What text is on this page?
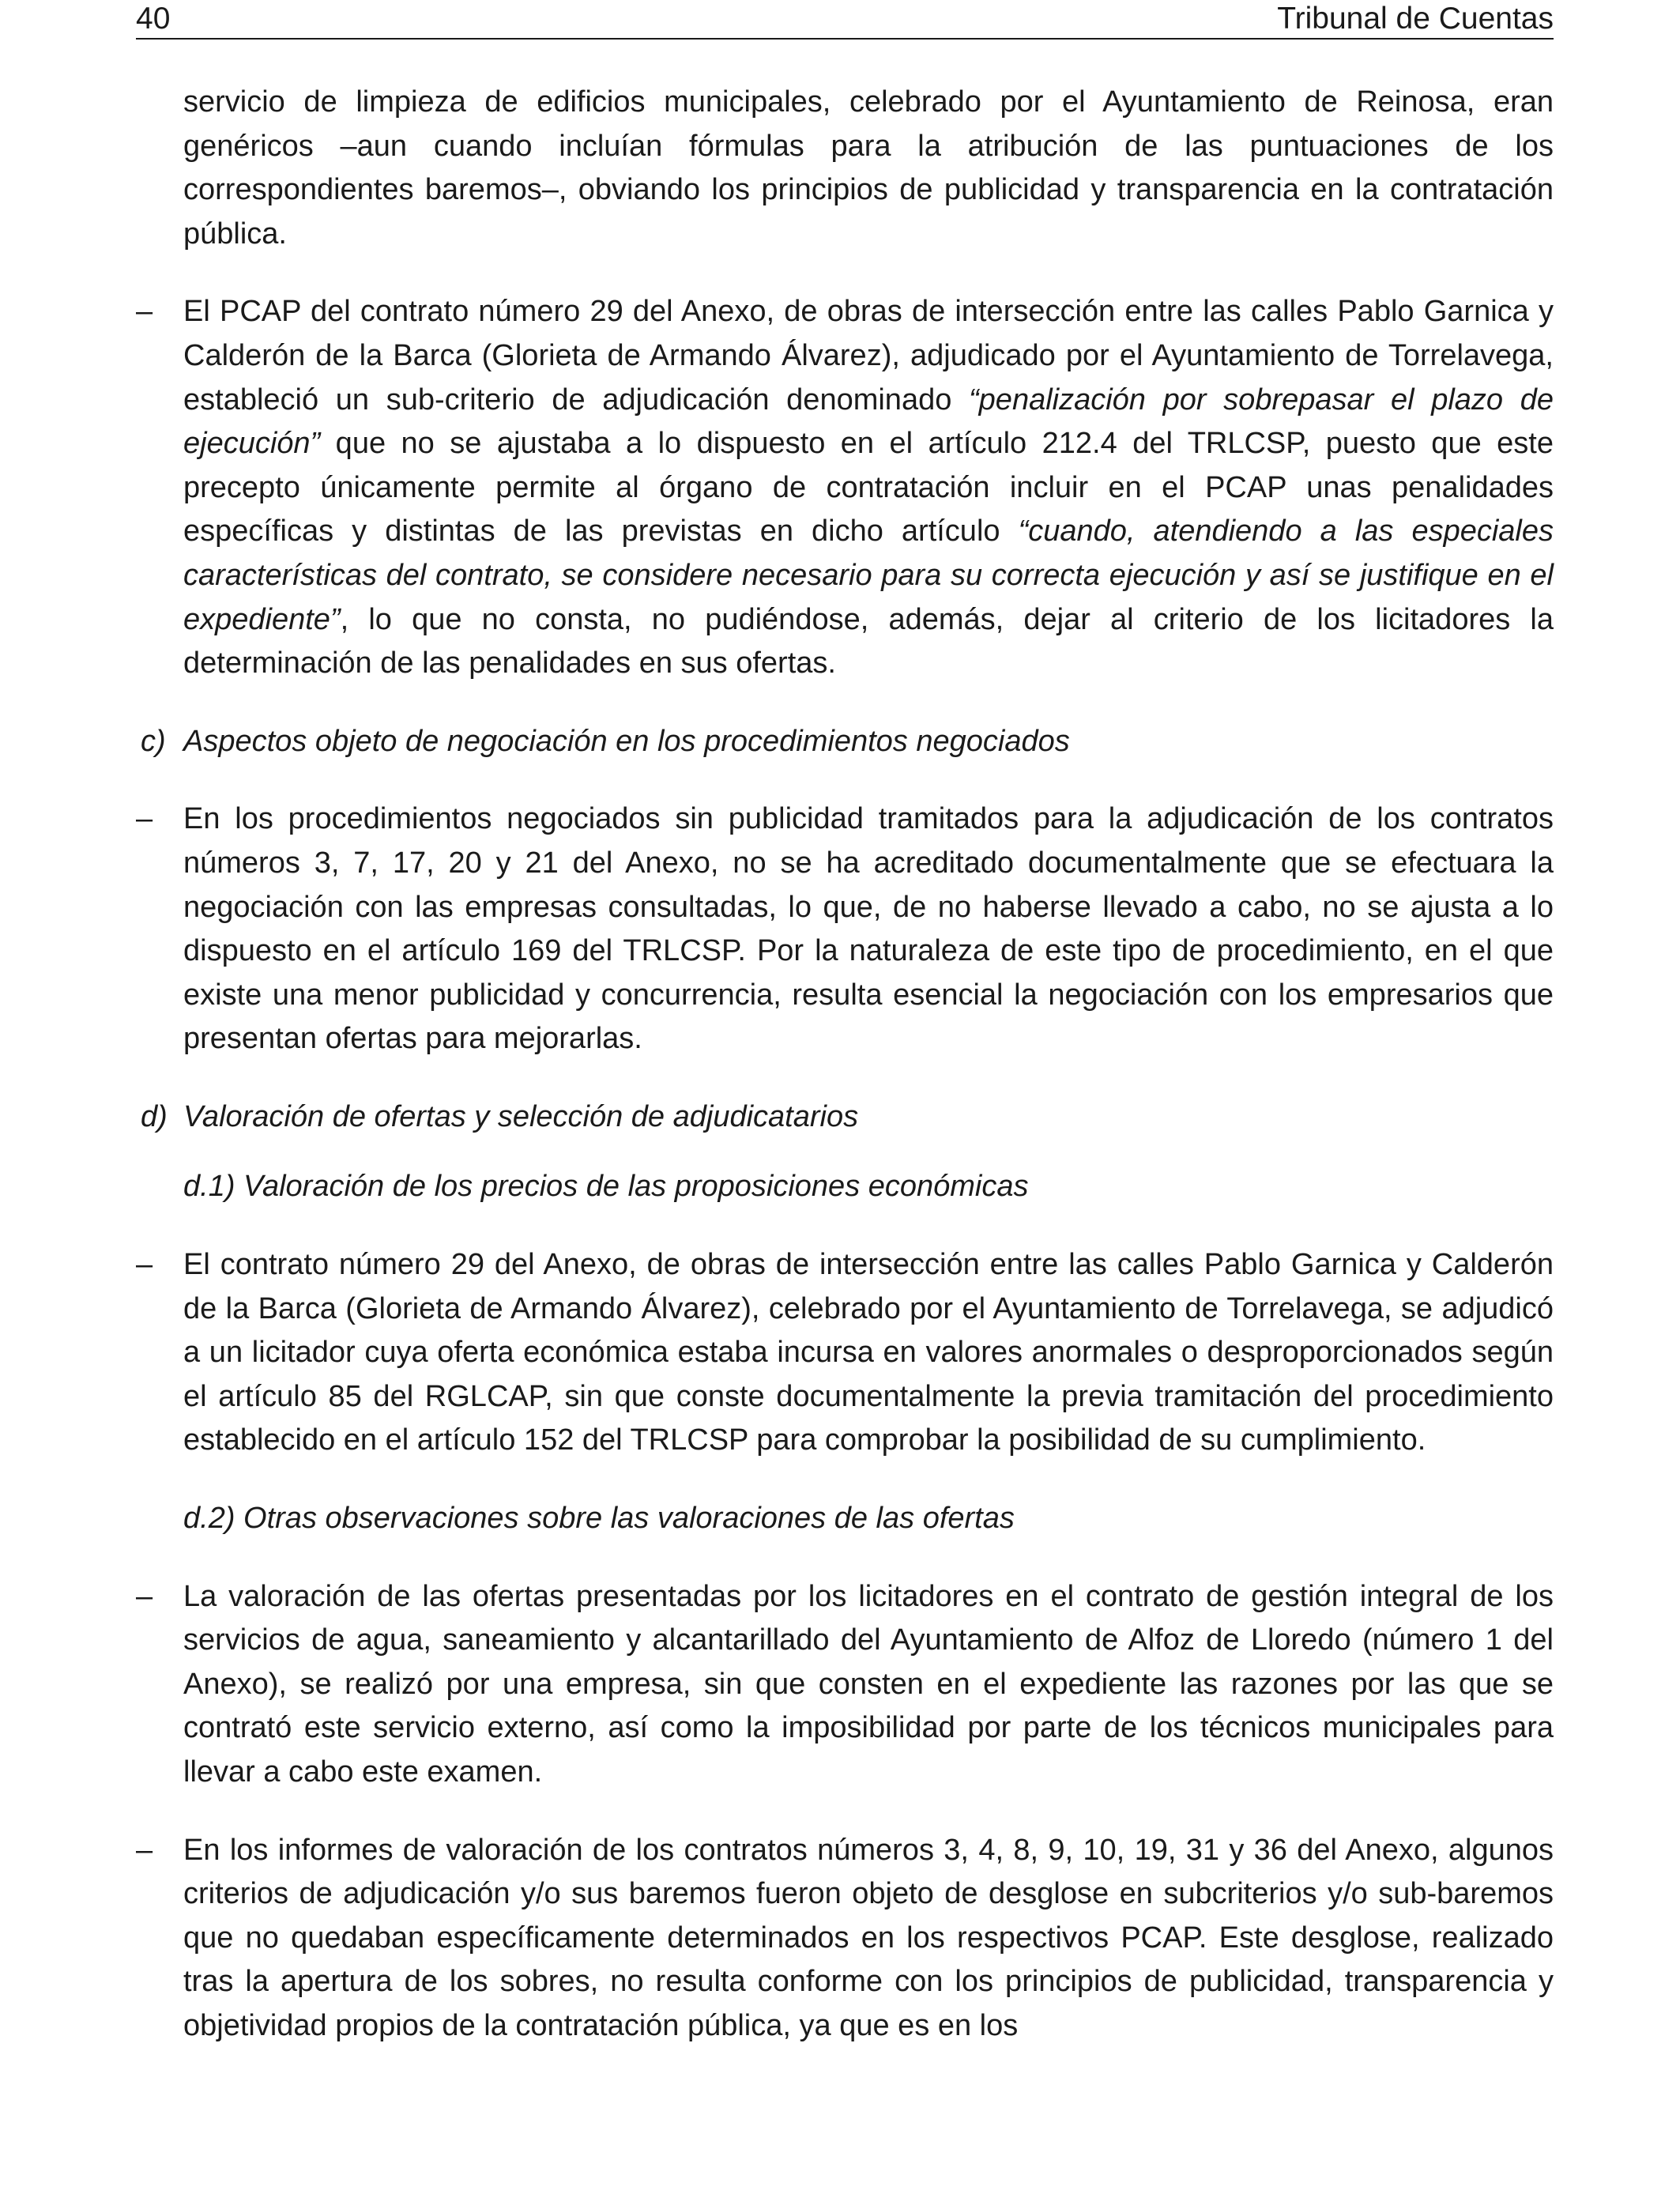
40	Tribunal de Cuentas

servicio de limpieza de edificios municipales, celebrado por el Ayuntamiento de Reinosa, eran genéricos –aun cuando incluían fórmulas para la atribución de las puntuaciones de los correspondientes baremos–, obviando los principios de publicidad y transparencia en la contratación pública.

– El PCAP del contrato número 29 del Anexo, de obras de intersección entre las calles Pablo Garnica y Calderón de la Barca (Glorieta de Armando Álvarez), adjudicado por el Ayuntamiento de Torrelavega, estableció un sub-criterio de adjudicación denominado “penalización por sobrepasar el plazo de ejecución” que no se ajustaba a lo dispuesto en el artículo 212.4 del TRLCSP, puesto que este precepto únicamente permite al órgano de contratación incluir en el PCAP unas penalidades específicas y distintas de las previstas en dicho artículo “cuando, atendiendo a las especiales características del contrato, se considere necesario para su correcta ejecución y así se justifique en el expediente”, lo que no consta, no pudiéndose, además, dejar al criterio de los licitadores la determinación de las penalidades en sus ofertas.

c) Aspectos objeto de negociación en los procedimientos negociados

– En los procedimientos negociados sin publicidad tramitados para la adjudicación de los contratos números 3, 7, 17, 20 y 21 del Anexo, no se ha acreditado documentalmente que se efectuara la negociación con las empresas consultadas, lo que, de no haberse llevado a cabo, no se ajusta a lo dispuesto en el artículo 169 del TRLCSP. Por la naturaleza de este tipo de procedimiento, en el que existe una menor publicidad y concurrencia, resulta esencial la negociación con los empresarios que presentan ofertas para mejorarlas.

d) Valoración de ofertas y selección de adjudicatarios

d.1) Valoración de los precios de las proposiciones económicas

– El contrato número 29 del Anexo, de obras de intersección entre las calles Pablo Garnica y Calderón de la Barca (Glorieta de Armando Álvarez), celebrado por el Ayuntamiento de Torrelavega, se adjudicó a un licitador cuya oferta económica estaba incursa en valores anormales o desproporcionados según el artículo 85 del RGLCAP, sin que conste documentalmente la previa tramitación del procedimiento establecido en el artículo 152 del TRLCSP para comprobar la posibilidad de su cumplimiento.

d.2) Otras observaciones sobre las valoraciones de las ofertas

– La valoración de las ofertas presentadas por los licitadores en el contrato de gestión integral de los servicios de agua, saneamiento y alcantarillado del Ayuntamiento de Alfoz de Lloredo (número 1 del Anexo), se realizó por una empresa, sin que consten en el expediente las razones por las que se contrató este servicio externo, así como la imposibilidad por parte de los técnicos municipales para llevar a cabo este examen.

– En los informes de valoración de los contratos números 3, 4, 8, 9, 10, 19, 31 y 36 del Anexo, algunos criterios de adjudicación y/o sus baremos fueron objeto de desglose en subcriterios y/o sub-baremos que no quedaban específicamente determinados en los respectivos PCAP. Este desglose, realizado tras la apertura de los sobres, no resulta conforme con los principios de publicidad, transparencia y objetividad propios de la contratación pública, ya que es en los
